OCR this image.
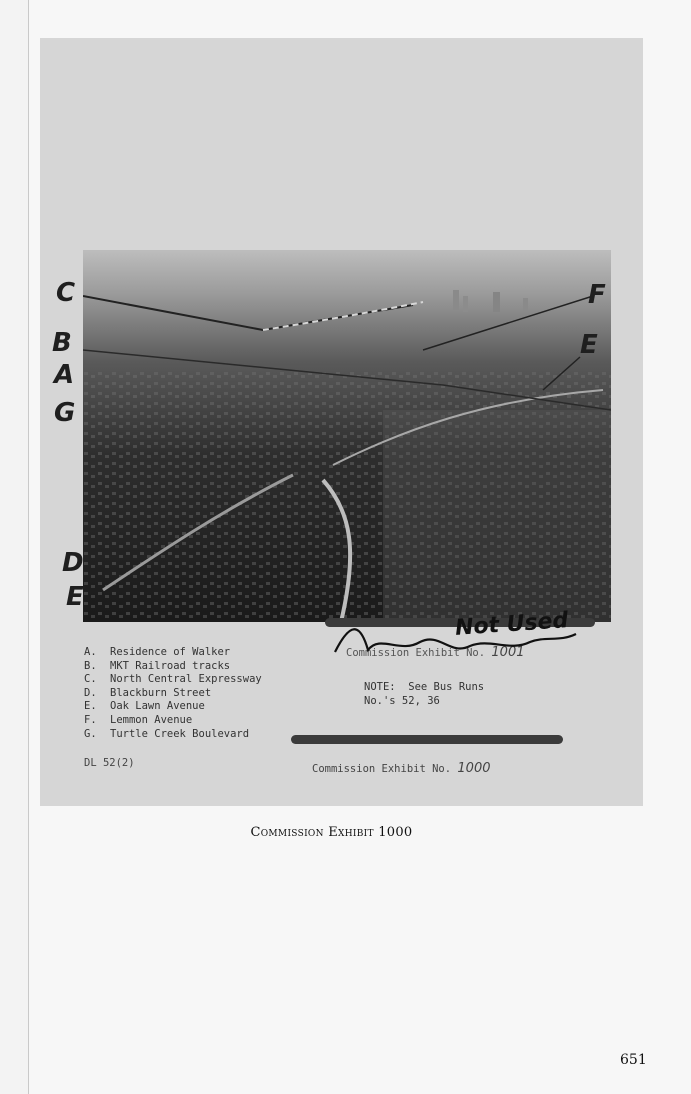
C
B
A
G
D
E
F
E
Commission Exhibit No. 1001
Not Used
A.	Residence of Walker
B.	MKT Railroad tracks
C.	North Central Expressway
D.	Blackburn Street
E.	Oak Lawn Avenue
F.	Lemmon Avenue
G.	Turtle Creek Boulevard
DL 52(2)
NOTE:  See Bus Runs
No.'s 52, 36
Commission Exhibit No. 1000
Commission Exhibit 1000
651
